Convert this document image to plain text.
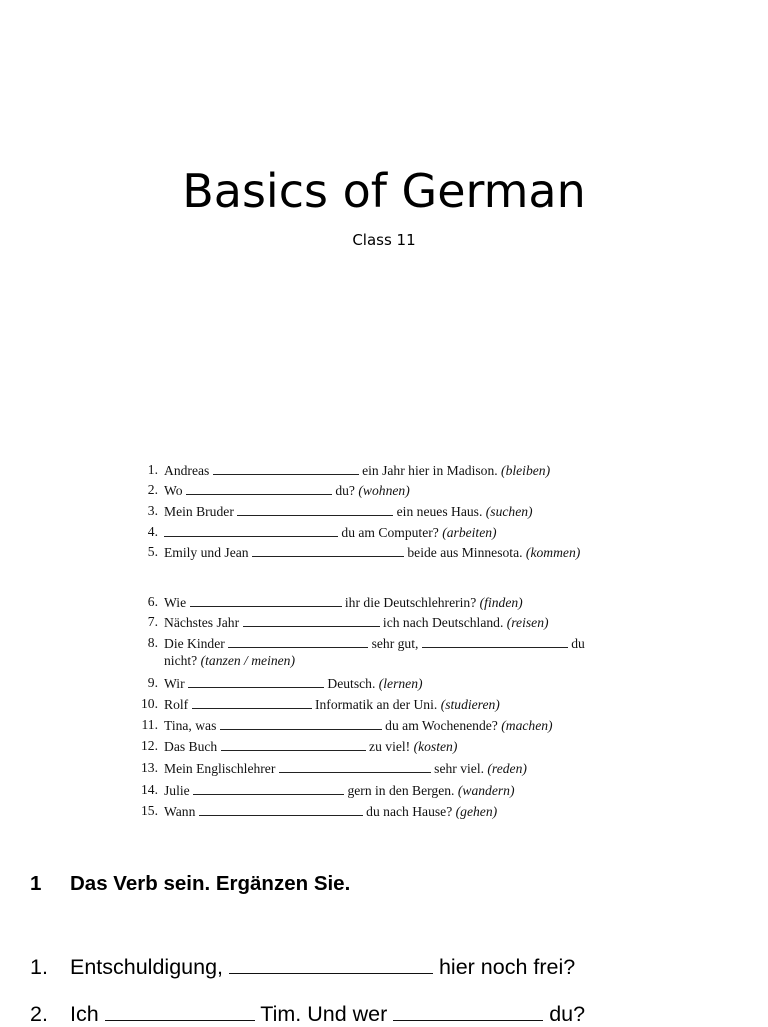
Basics of German
Class 11
1. Andreas	ein Jahr hier in Madison. (bleiben)
2. Wo	du? (wohnen)
3. Mein Bruder	ein neues Haus. (suchen)
4.	du am Computer? (arbeiten)
5. Emily und Jean	beide aus Minnesota. (kommen)
6. Wie	ihr die Deutschlehrerin? (finden)
7. Nächstes Jahr	ich nach Deutschland. (reisen)
8. Die Kinder	sehr gut,	du
nicht? (tanzen / meinen)
9. Wir	Deutsch. (lernen)
10. Rolf	Informatik an der Uni. (studieren)
11. Tina, was	du am Wochenende? (machen)
12. Das Buch	zu viel! (kosten)
13. Mein Englischlehrer	sehr viel. (reden)
14. Julie	gern in den Bergen. (wandern)
15. Wann	du nach Hause? (gehen)
1 Das Verb sein. Ergänzen Sie.
1. Entschuldigung,	hier noch frei?
2. Ich	Tim. Und wer	du?
